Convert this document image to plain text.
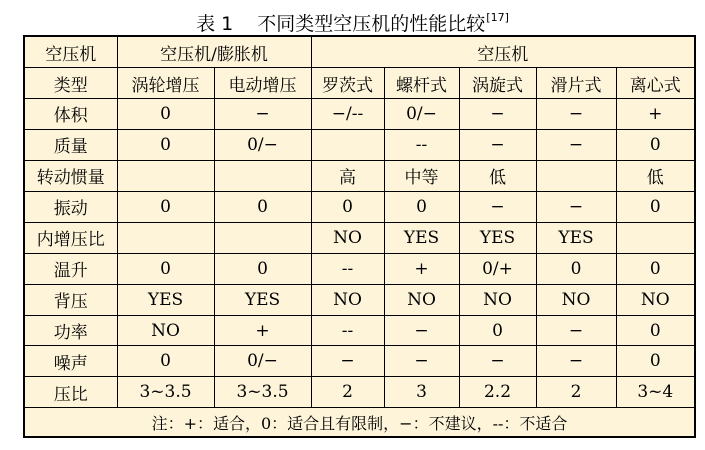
表 1 不同类型空压机的性能比较[17]
空压机	空压机/膨胀机		空压机				
类型	涡轮增压	电动增压	罗茨式	螺杆式	涡旋式	滑片式	离心式
体积	0	−	−/--	0/−	−	−	+
质量	0	0/−		--	−	−	0
转动惯量			高	中等	低		低
振动	0	0	0	0	−	−	0
内增压比			NO	YES	YES	YES	
温升	0	0	--	+	0/+	0	0
背压	YES	YES	NO	NO	NO	NO	NO
功率	NO	+	--	−	0	−	0
噪声	0	0/−	−	−	−	−	0
压比	3~3.5	3~3.5	2	3	2.2	2	3~4
注：+：适合，0：适合且有限制，−：不建议，--：不适合							
